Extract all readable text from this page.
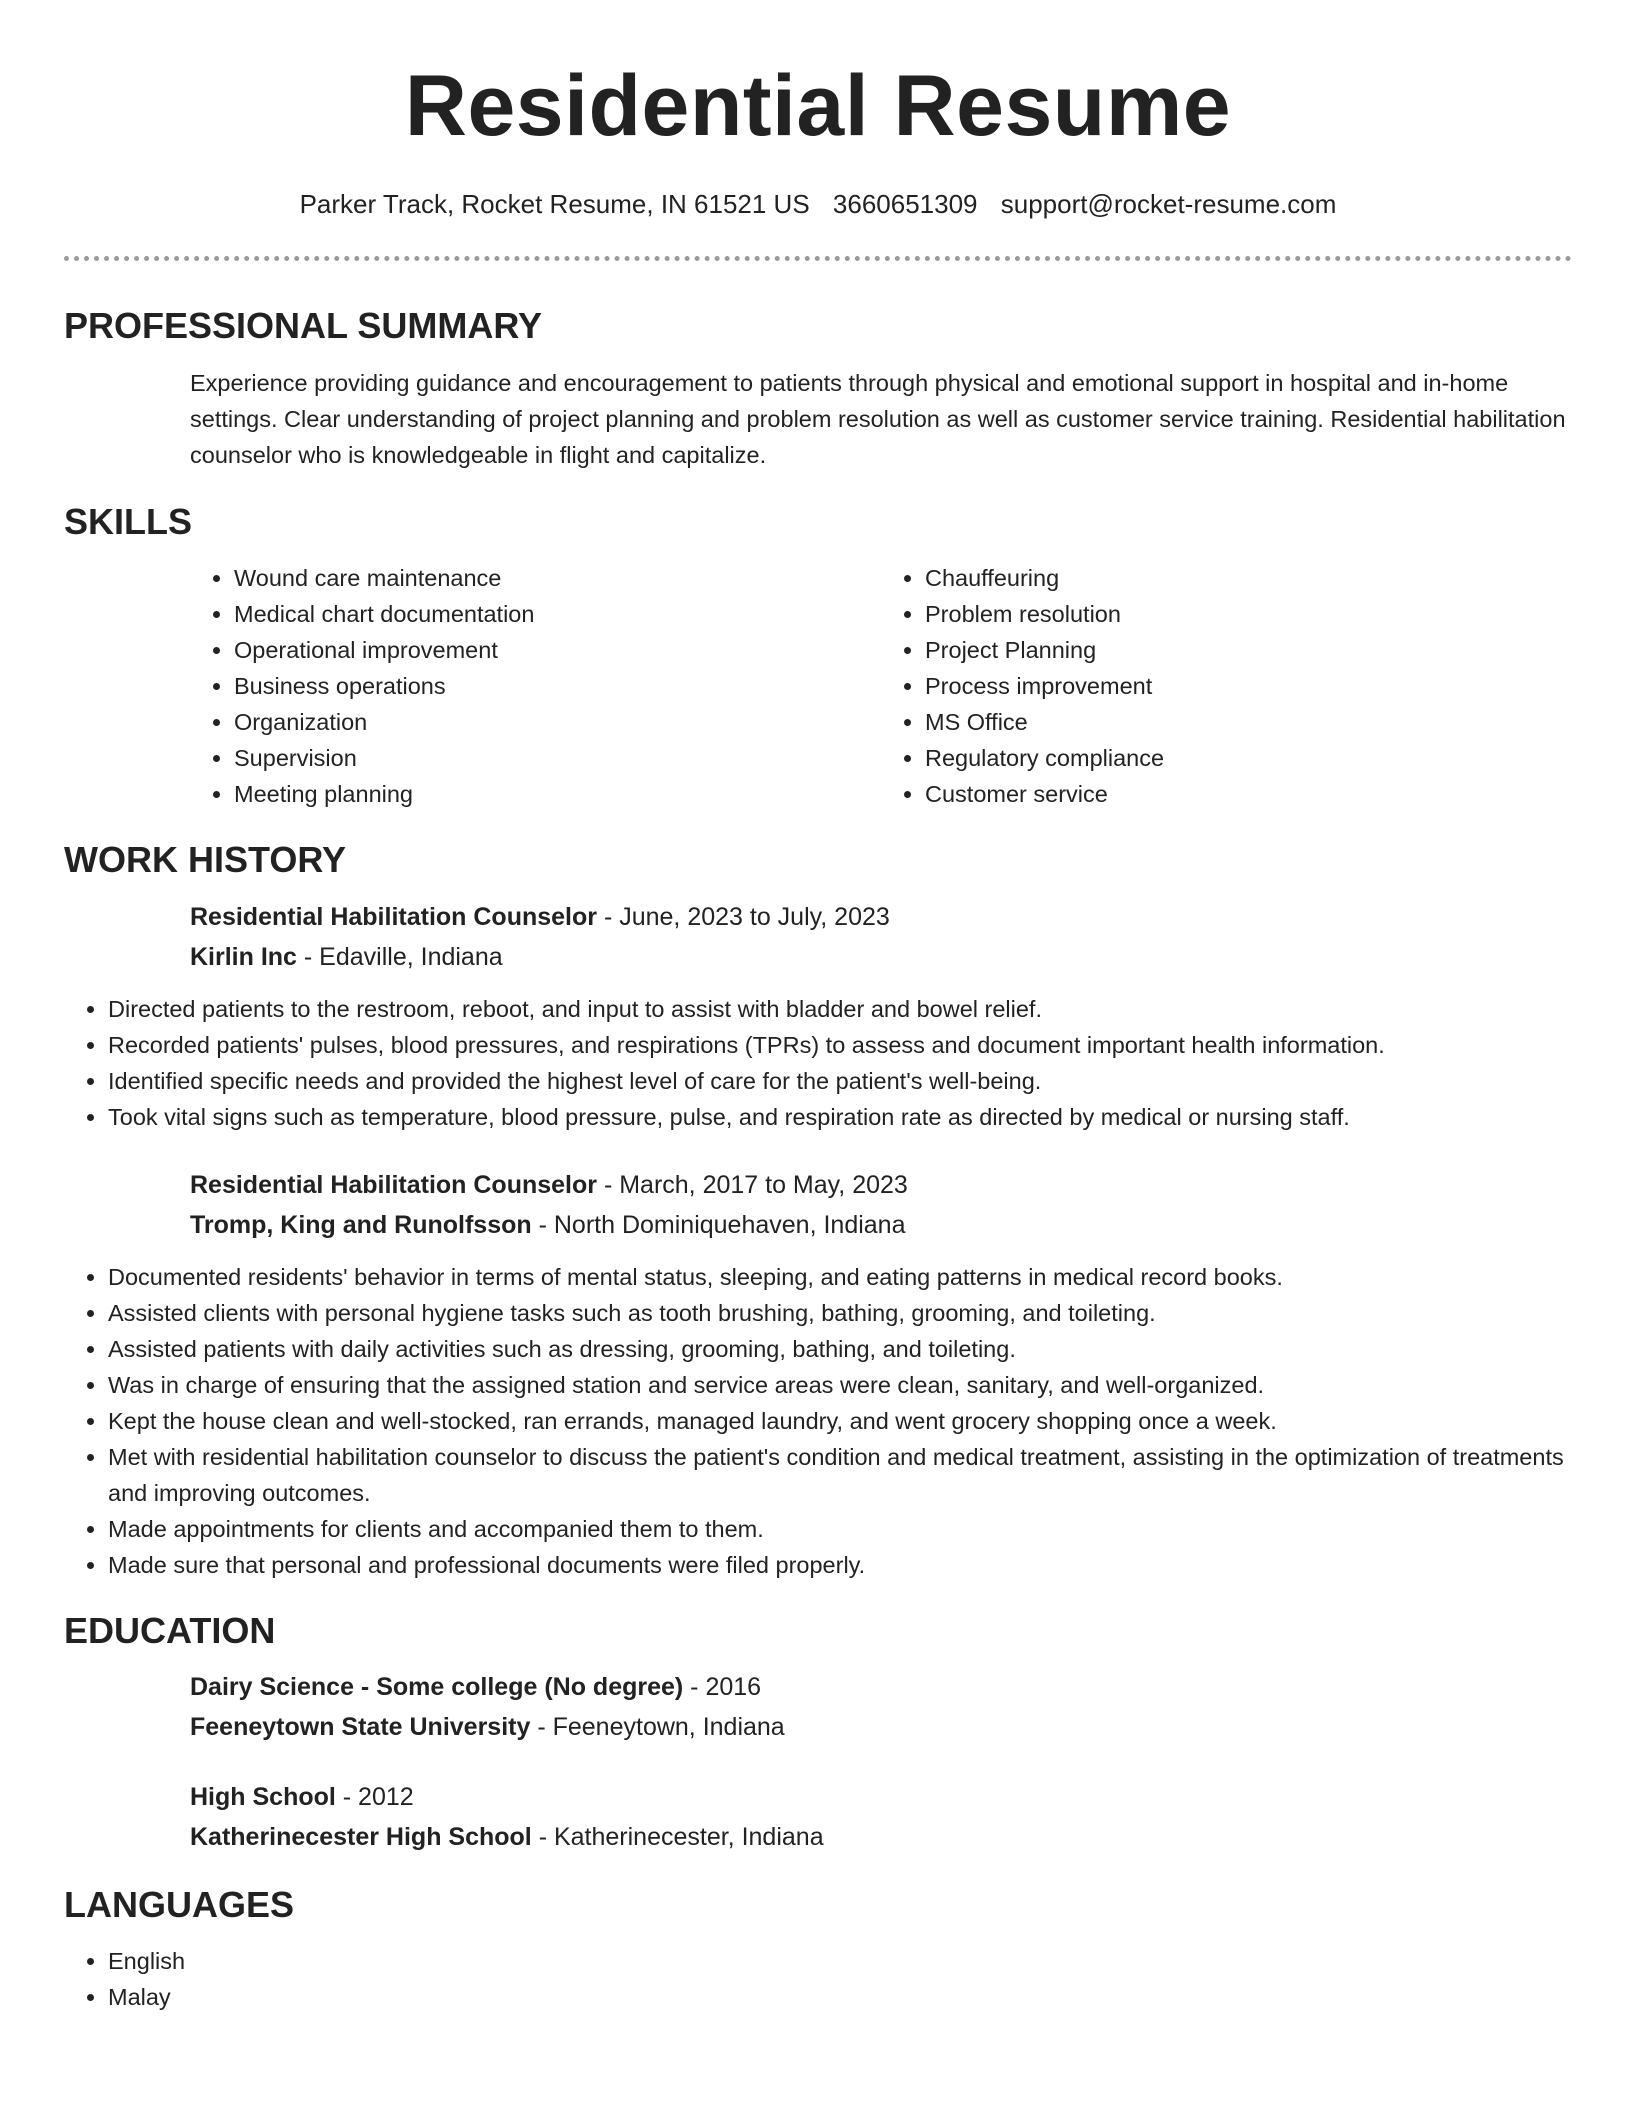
Residential Resume
Parker Track, Rocket Resume, IN 61521 US 3660651309 support@rocket-resume.com
PROFESSIONAL SUMMARY
Experience providing guidance and encouragement to patients through physical and emotional support in hospital and in-home settings. Clear understanding of project planning and problem resolution as well as customer service training. Residential habilitation counselor who is knowledgeable in flight and capitalize.
SKILLS
• Wound care maintenance
• Medical chart documentation
• Operational improvement
• Business operations
• Organization
• Supervision
• Meeting planning
• Chauffeuring
• Problem resolution
• Project Planning
• Process improvement
• MS Office
• Regulatory compliance
• Customer service
WORK HISTORY
Residential Habilitation Counselor - June, 2023 to July, 2023
Kirlin Inc - Edaville, Indiana
• Directed patients to the restroom, reboot, and input to assist with bladder and bowel relief.
• Recorded patients' pulses, blood pressures, and respirations (TPRs) to assess and document important health information.
• Identified specific needs and provided the highest level of care for the patient's well-being.
• Took vital signs such as temperature, blood pressure, pulse, and respiration rate as directed by medical or nursing staff.
Residential Habilitation Counselor - March, 2017 to May, 2023
Tromp, King and Runolfsson - North Dominiquehaven, Indiana
• Documented residents' behavior in terms of mental status, sleeping, and eating patterns in medical record books.
• Assisted clients with personal hygiene tasks such as tooth brushing, bathing, grooming, and toileting.
• Assisted patients with daily activities such as dressing, grooming, bathing, and toileting.
• Was in charge of ensuring that the assigned station and service areas were clean, sanitary, and well-organized.
• Kept the house clean and well-stocked, ran errands, managed laundry, and went grocery shopping once a week.
• Met with residential habilitation counselor to discuss the patient's condition and medical treatment, assisting in the optimization of treatments and improving outcomes.
• Made appointments for clients and accompanied them to them.
• Made sure that personal and professional documents were filed properly.
EDUCATION
Dairy Science - Some college (No degree) - 2016
Feeneytown State University - Feeneytown, Indiana
High School - 2012
Katherinecester High School - Katherinecester, Indiana
LANGUAGES
• English
• Malay
